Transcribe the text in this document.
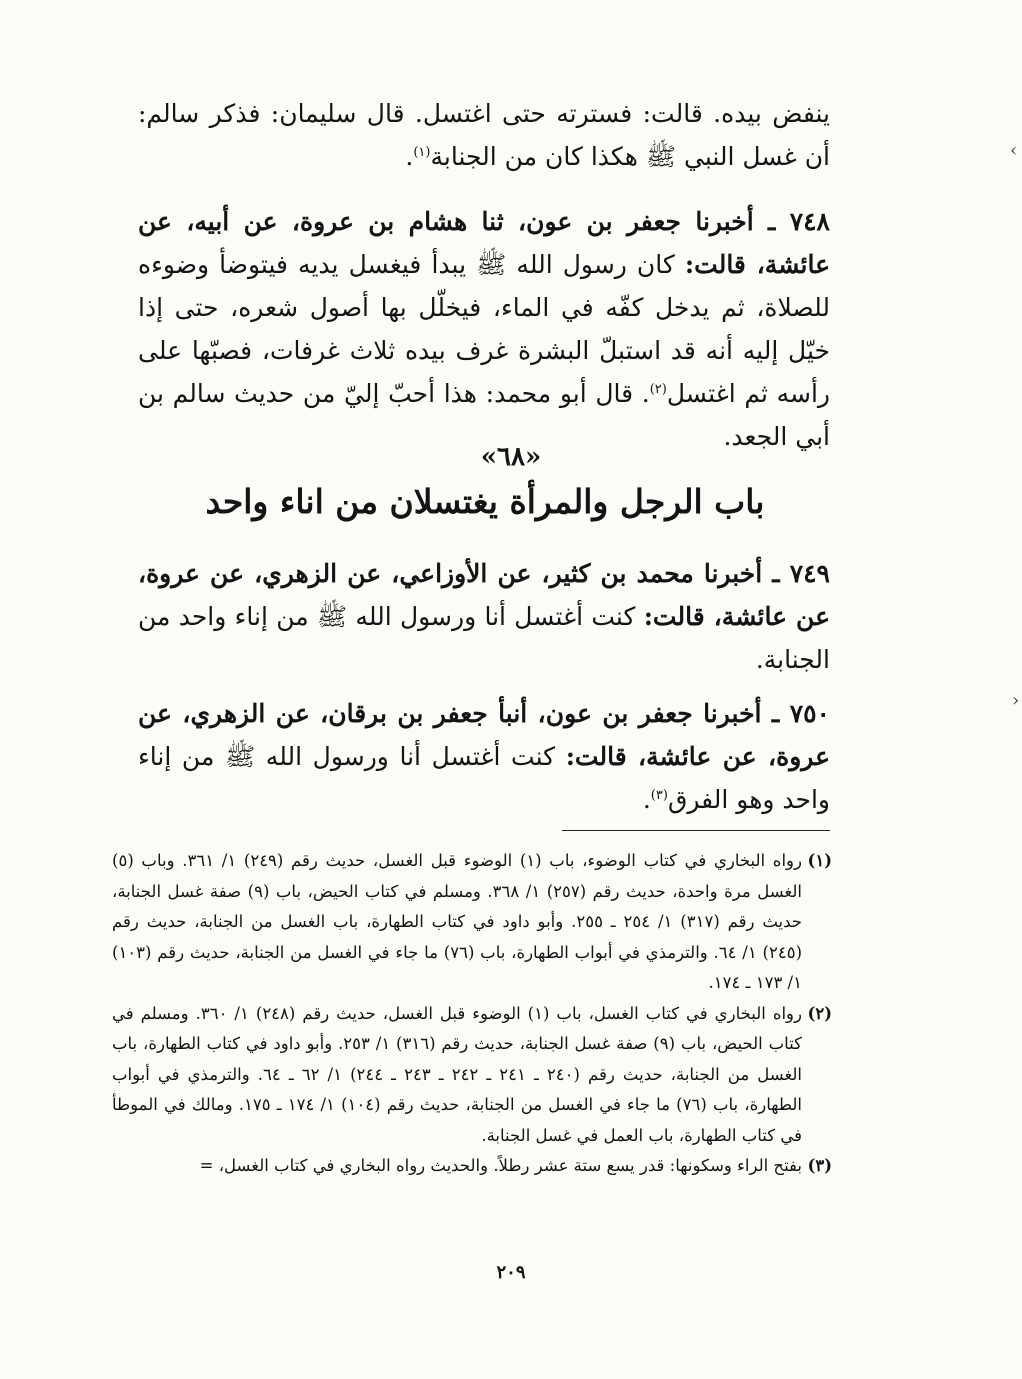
ينفض بيده. قالت: فسترته حتى اغتسل. قال سليمان: فذكر سالم: أن غسل النبي ﷺ هكذا كان من الجنابة$^{(١)}$.

٧٤٨ ـ أخبرنا جعفر بن عون، ثنا هشام بن عروة، عن أبيه، عن عائشة، قالت: كان رسول الله ﷺ يبدأ فيغسل يديه فيتوضأ وضوءه للصلاة، ثم يدخل كفّه في الماء، فيخلّل بها أصول شعره، حتى إذا خيّل إليه أنه قد استبلّ البشرة غرف بيده ثلاث غرفات، فصبّها على رأسه ثم اغتسل$^{(٢)}$. قال أبو محمد: هذا أحبّ إليّ من حديث سالم بن أبي الجعد.

«٦٨»
باب الرجل والمرأة يغتسلان من اناء واحد

٧٤٩ ـ أخبرنا محمد بن كثير، عن الأوزاعي، عن الزهري، عن عروة، عن عائشة، قالت: كنت أغتسل أنا ورسول الله ﷺ من إناء واحد من الجنابة.

٧٥٠ ـ أخبرنا جعفر بن عون، أنبأ جعفر بن برقان، عن الزهري، عن عروة، عن عائشة، قالت: كنت أغتسل أنا ورسول الله ﷺ من إناء واحد وهو الفرق$^{(٣)}$.

(١)
رواه البخاري في كتاب الوضوء، باب (١) الوضوء قبل الغسل، حديث رقم (٢٤٩) ١/ ٣٦١. وباب (٥) الغسل مرة واحدة، حديث رقم (٢٥٧) ١/ ٣٦٨. ومسلم في كتاب الحيض، باب (٩) صفة غسل الجنابة، حديث رقم (٣١٧) ١/ ٢٥٤ ـ ٢٥٥. وأبو داود في كتاب الطهارة، باب الغسل من الجنابة، حديث رقم (٢٤٥) ١/ ٦٤. والترمذي في أبواب الطهارة، باب (٧٦) ما جاء في الغسل من الجنابة، حديث رقم (١٠٣) ١/ ١٧٣ ـ ١٧٤.
(٢)
رواه البخاري في كتاب الغسل، باب (١) الوضوء قبل الغسل، حديث رقم (٢٤٨) ١/ ٣٦٠. ومسلم في كتاب الحيض، باب (٩) صفة غسل الجنابة، حديث رقم (٣١٦) ١/ ٢٥٣. وأبو داود في كتاب الطهارة، باب الغسل من الجنابة، حديث رقم (٢٤٠ ـ ٢٤١ ـ ٢٤٢ ـ ٢٤٣ ـ ٢٤٤) ١/ ٦٢ ـ ٦٤. والترمذي في أبواب الطهارة، باب (٧٦) ما جاء في الغسل من الجنابة، حديث رقم (١٠٤) ١/ ١٧٤ ـ ١٧٥. ومالك في الموطأ في كتاب الطهارة، باب العمل في غسل الجنابة.
(٣)
بفتح الراء وسكونها: قدر يسع ستة عشر رطلاً. والحديث رواه البخاري في كتاب الغسل، =
٢٠٩
›
‹
